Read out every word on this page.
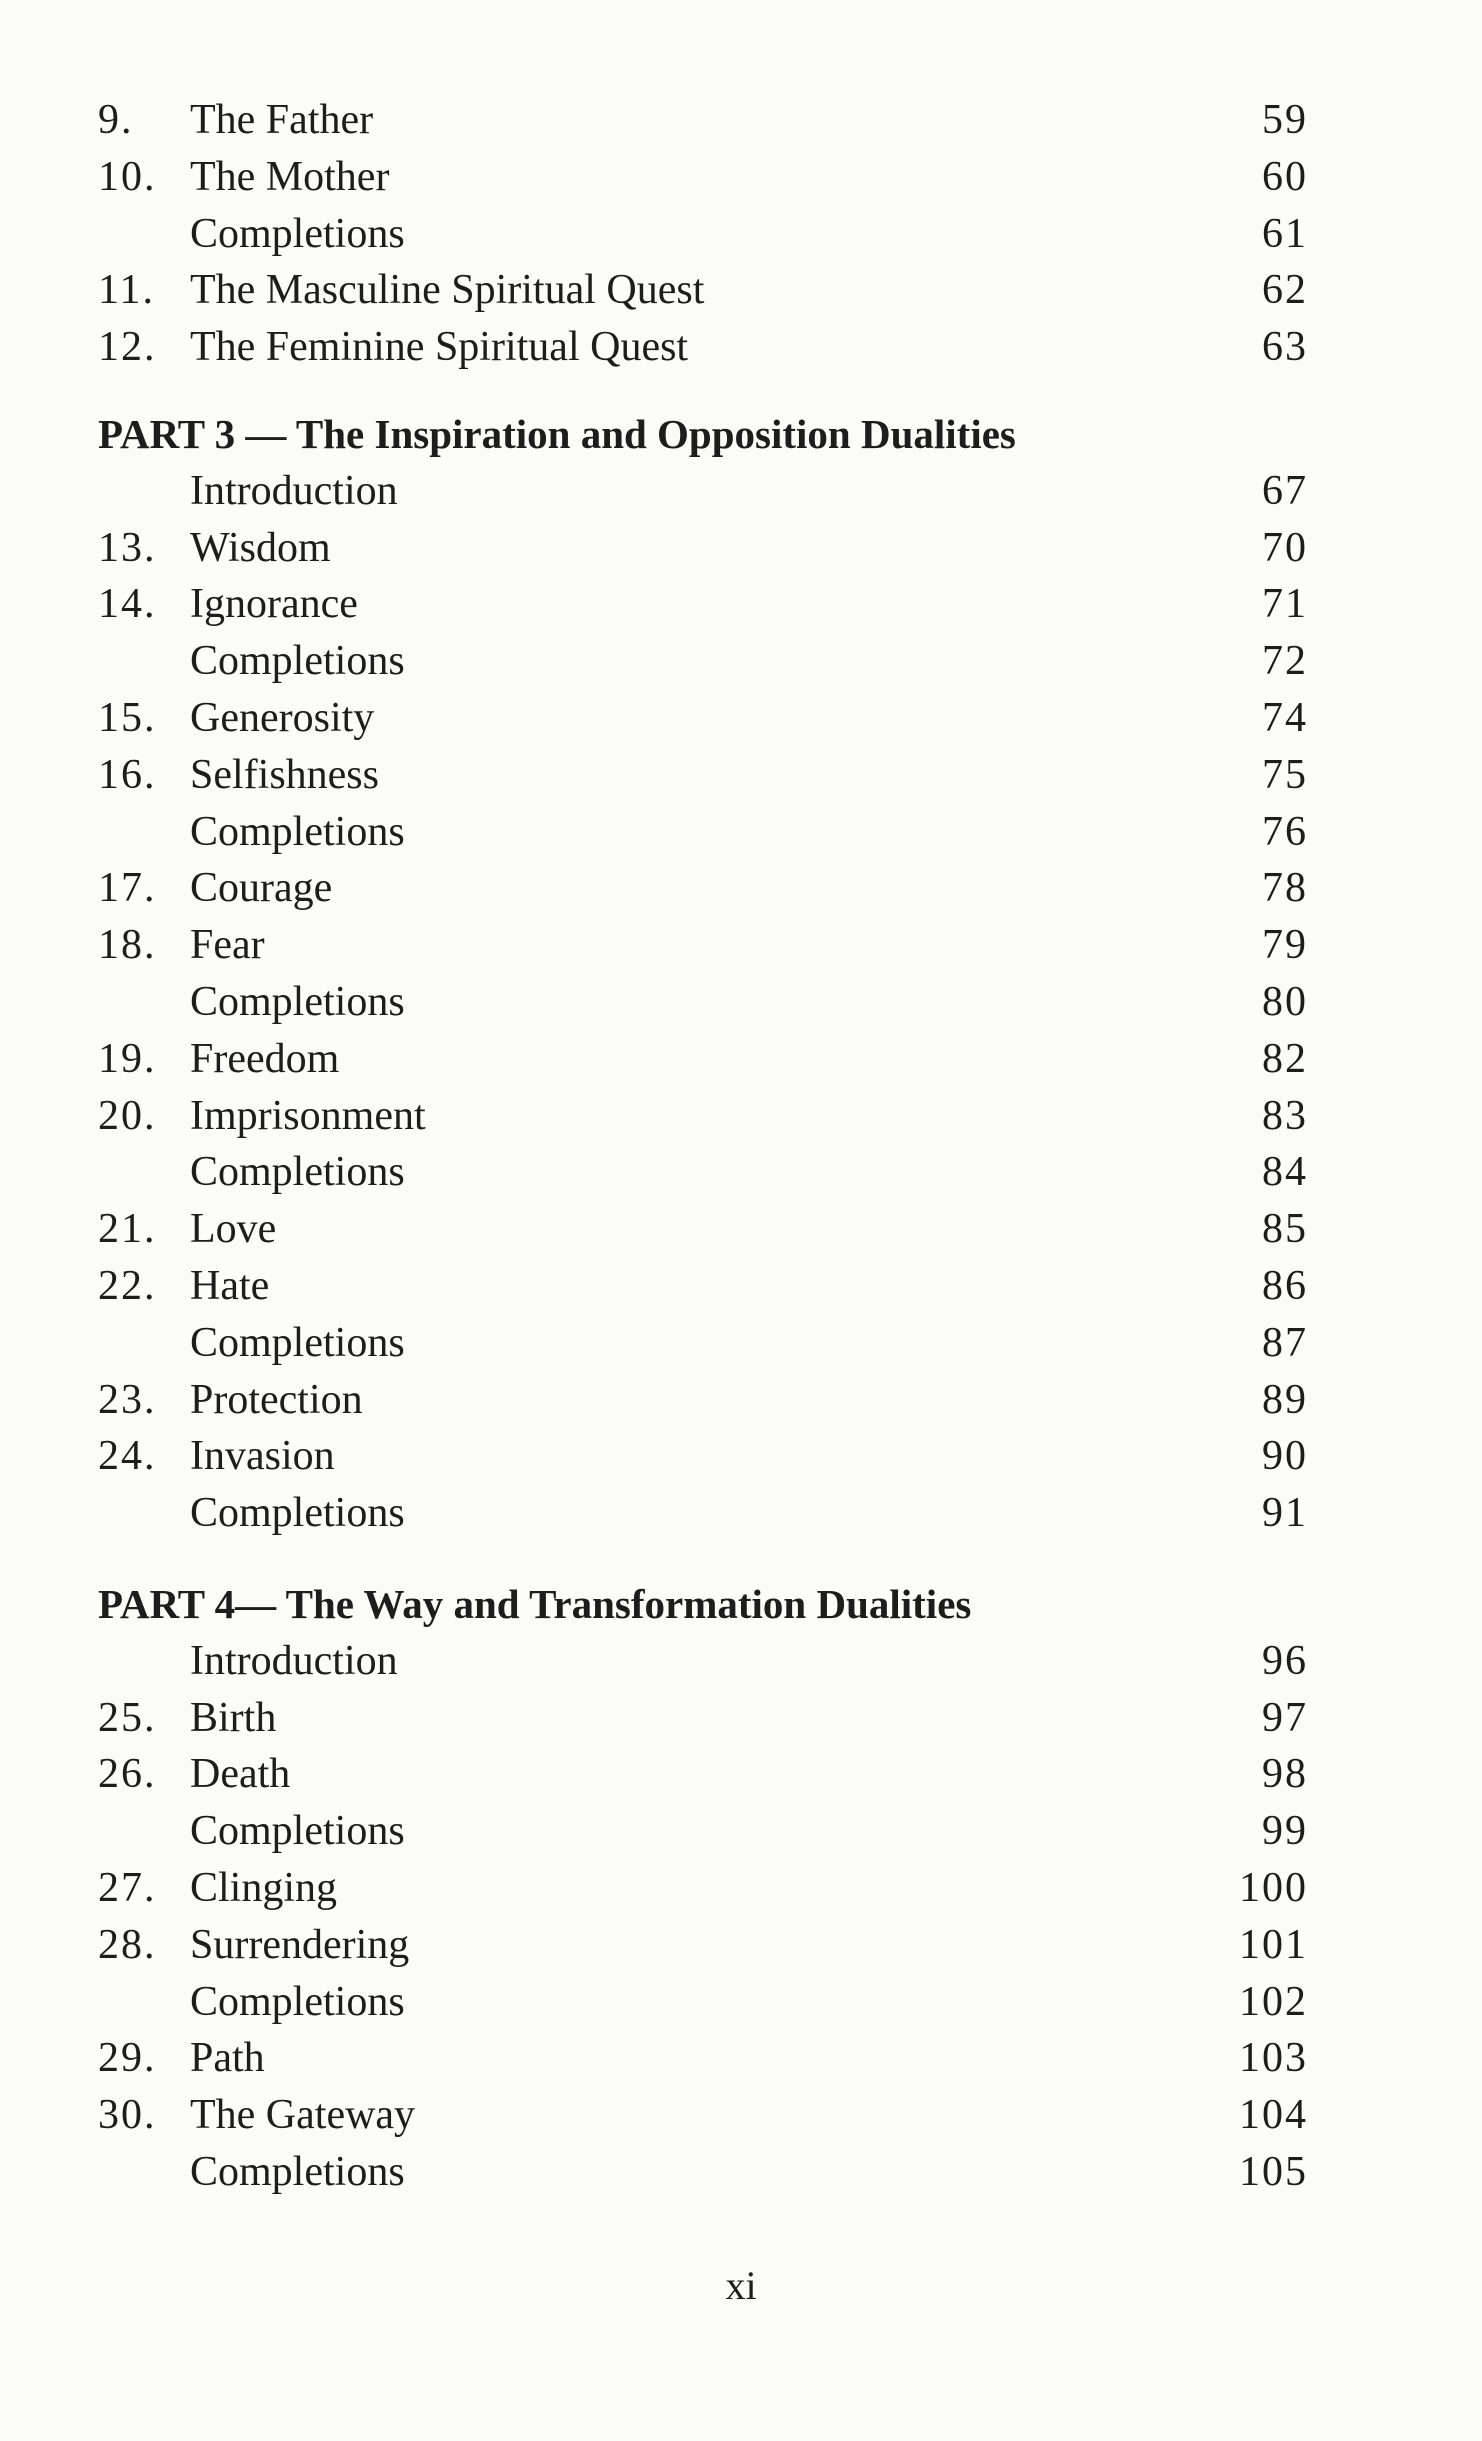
9.	The Father	59
10. The Mother	60
Completions	61
11. The Masculine Spiritual Quest	62
12. The Feminine Spiritual Quest	63
PART 3 — The Inspiration and Opposition Dualities
Introduction	67
13. Wisdom	70
14. Ignorance	71
Completions	72
15. Generosity	74
16. Selfishness	75
Completions	76
17. Courage	78
18. Fear	79
Completions	80
19. Freedom	82
20. Imprisonment	83
Completions	84
21. Love	85
22. Hate	86
Completions	87
23. Protection	89
24. Invasion	90
Completions	91
PART 4— The Way and Transformation Dualities
Introduction	96
25. Birth	97
26. Death	98
Completions	99
27. Clinging	100
28. Surrendering	101
Completions	102
29. Path	103
30. The Gateway	104
Completions	105
xi
